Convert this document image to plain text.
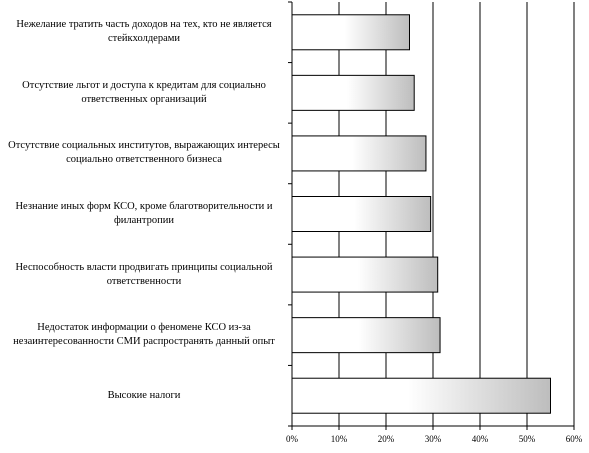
0%	10%	20%	30%	40%	50%	60%
Нежелание тратить часть доходов на тех, кто не является стейкхолдерами
Отсутствие льгот и доступа к кредитам для социально ответственных организаций
Отсутствие социальных институтов, выражающих интересы социально ответственного бизнеса
Незнание иных форм КСО, кроме благотворительности и филантропии
Неспособность власти продвигать принципы социальной ответственности
Недостаток информации о феномене КСО из-за незаинтересованности СМИ распространять данный опыт
Высокие налоги
